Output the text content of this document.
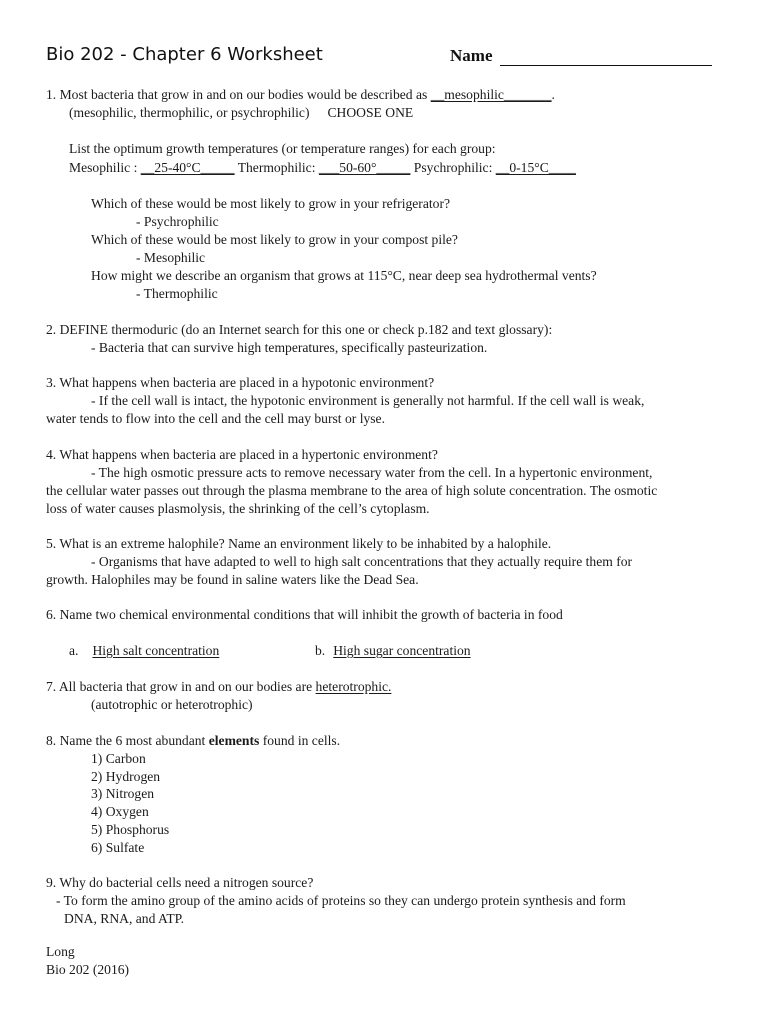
Bio 202 - Chapter 6 Worksheet	Name
1. Most bacteria that grow in and on our bodies would be described as __mesophilic_______.
(mesophilic, thermophilic, or psychrophilic) CHOOSE ONE
List the optimum growth temperatures (or temperature ranges) for each group:
Mesophilic : __25-40°C_____ Thermophilic: ___50-60°_____ Psychrophilic: __0-15°C____
Which of these would be most likely to grow in your refrigerator?
- Psychrophilic
Which of these would be most likely to grow in your compost pile?
- Mesophilic
How might we describe an organism that grows at 115°C, near deep sea hydrothermal vents?
- Thermophilic
2. DEFINE thermoduric (do an Internet search for this one or check p.182 and text glossary):
- Bacteria that can survive high temperatures, specifically pasteurization.
3. What happens when bacteria are placed in a hypotonic environment?
- If the cell wall is intact, the hypotonic environment is generally not harmful. If the cell wall is weak,
water tends to flow into the cell and the cell may burst or lyse.
4. What happens when bacteria are placed in a hypertonic environment?
- The high osmotic pressure acts to remove necessary water from the cell. In a hypertonic environment,
the cellular water passes out through the plasma membrane to the area of high solute concentration. The osmotic
loss of water causes plasmolysis, the shrinking of the cell’s cytoplasm.
5. What is an extreme halophile? Name an environment likely to be inhabited by a halophile.
- Organisms that have adapted to well to high salt concentrations that they actually require them for
growth. Halophiles may be found in saline waters like the Dead Sea.
6. Name two chemical environmental conditions that will inhibit the growth of bacteria in food
a. High salt concentration	b. High sugar concentration
7. All bacteria that grow in and on our bodies are heterotrophic.
(autotrophic or heterotrophic)
8. Name the 6 most abundant elements found in cells.
1) Carbon
2) Hydrogen
3) Nitrogen
4) Oxygen
5) Phosphorus
6) Sulfate
9. Why do bacterial cells need a nitrogen source?
- To form the amino group of the amino acids of proteins so they can undergo protein synthesis and form
DNA, RNA, and ATP.
Long
Bio 202 (2016)
